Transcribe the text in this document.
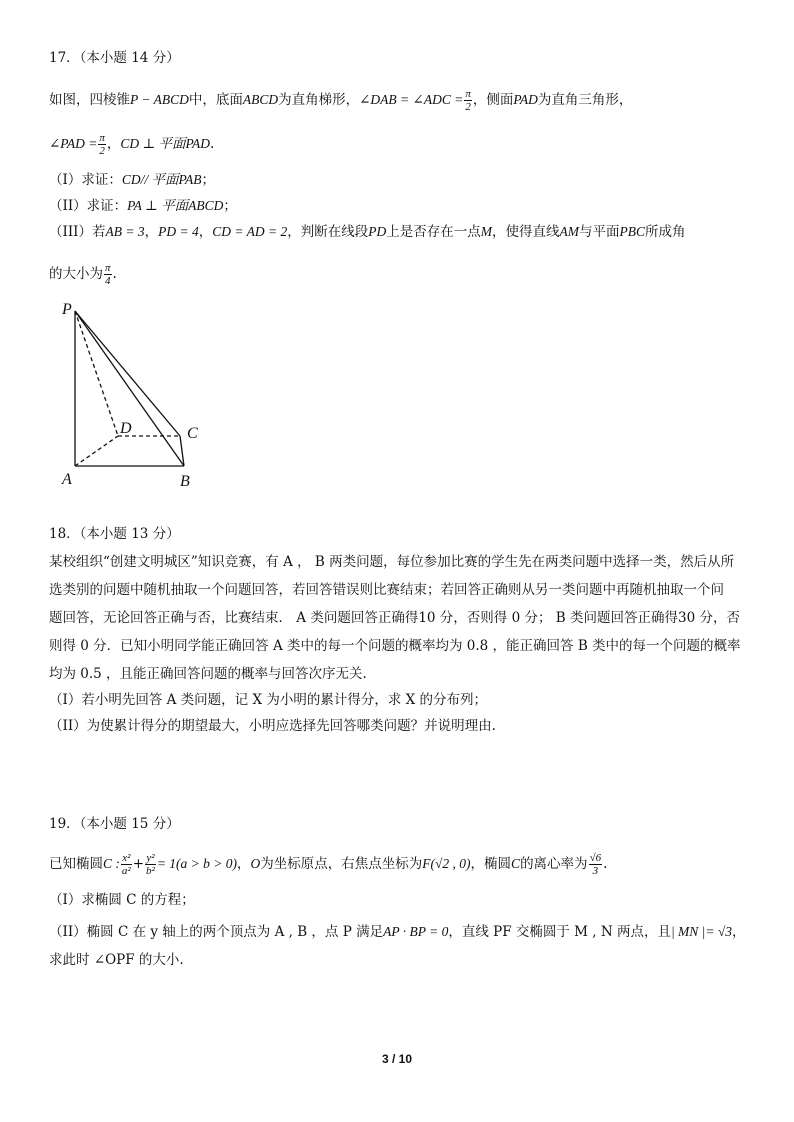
17．（本小题 14 分）
如图，四棱锥P − ABCD中，底面ABCD为直角梯形，∠DAB = ∠ADC = $\frac{\pi}{2}$ ，侧面PAD为直角三角形，
∠PAD = $\frac{\pi}{2}$ ，CD ⊥ 平面PAD.
（I）求证：CD// 平面PAB；
（II）求证：PA ⊥ 平面ABCD；
（III）若AB = 3，PD = 4，CD = AD = 2，判断在线段PD上是否存在一点M，使得直线AM与平面PBC所成角
的大小为 $\frac{\pi}{4}$ .
P
D	C
A	B
18．（本小题 13 分）
某校组织“创建文明城区”知识竞赛，有 A ， B 两类问题，每位参加比赛的学生先在两类问题中选择一类，然后从所
选类别的问题中随机抽取一个问题回答，若回答错误则比赛结束；若回答正确则从另一类问题中再随机抽取一个问
题回答，无论回答正确与否，比赛结束． A 类问题回答正确得10 分，否则得 0 分； B 类问题回答正确得30 分，否
则得 0 分．已知小明同学能正确回答 A 类中的每一个问题的概率均为 0.8 ，能正确回答 B 类中的每一个问题的概率
均为 0.5 ，且能正确回答问题的概率与回答次序无关.
（I）若小明先回答 A 类问题，记 X 为小明的累计得分，求 X 的分布列；
（II）为使累计得分的期望最大，小明应选择先回答哪类问题？并说明理由.
19．（本小题 15 分）
已知椭圆C : $\frac{\text{x²}}{\text{a²}} + \frac{\text{y²}}{\text{b²}} = 1(a > b > 0)$，O为坐标原点，右焦点坐标为F(√2 , 0)，椭圆C的离心率为 $\frac{√6}{3}$ .
（I）求椭圆 C 的方程；
（II）椭圆 C 在 y 轴上的两个顶点为 A , B ，点 P 满足AP · BP = 0，直线 PF 交椭圆于 M , N 两点，且| MN |= √3，
求此时 ∠OPF 的大小.
3 / 10
